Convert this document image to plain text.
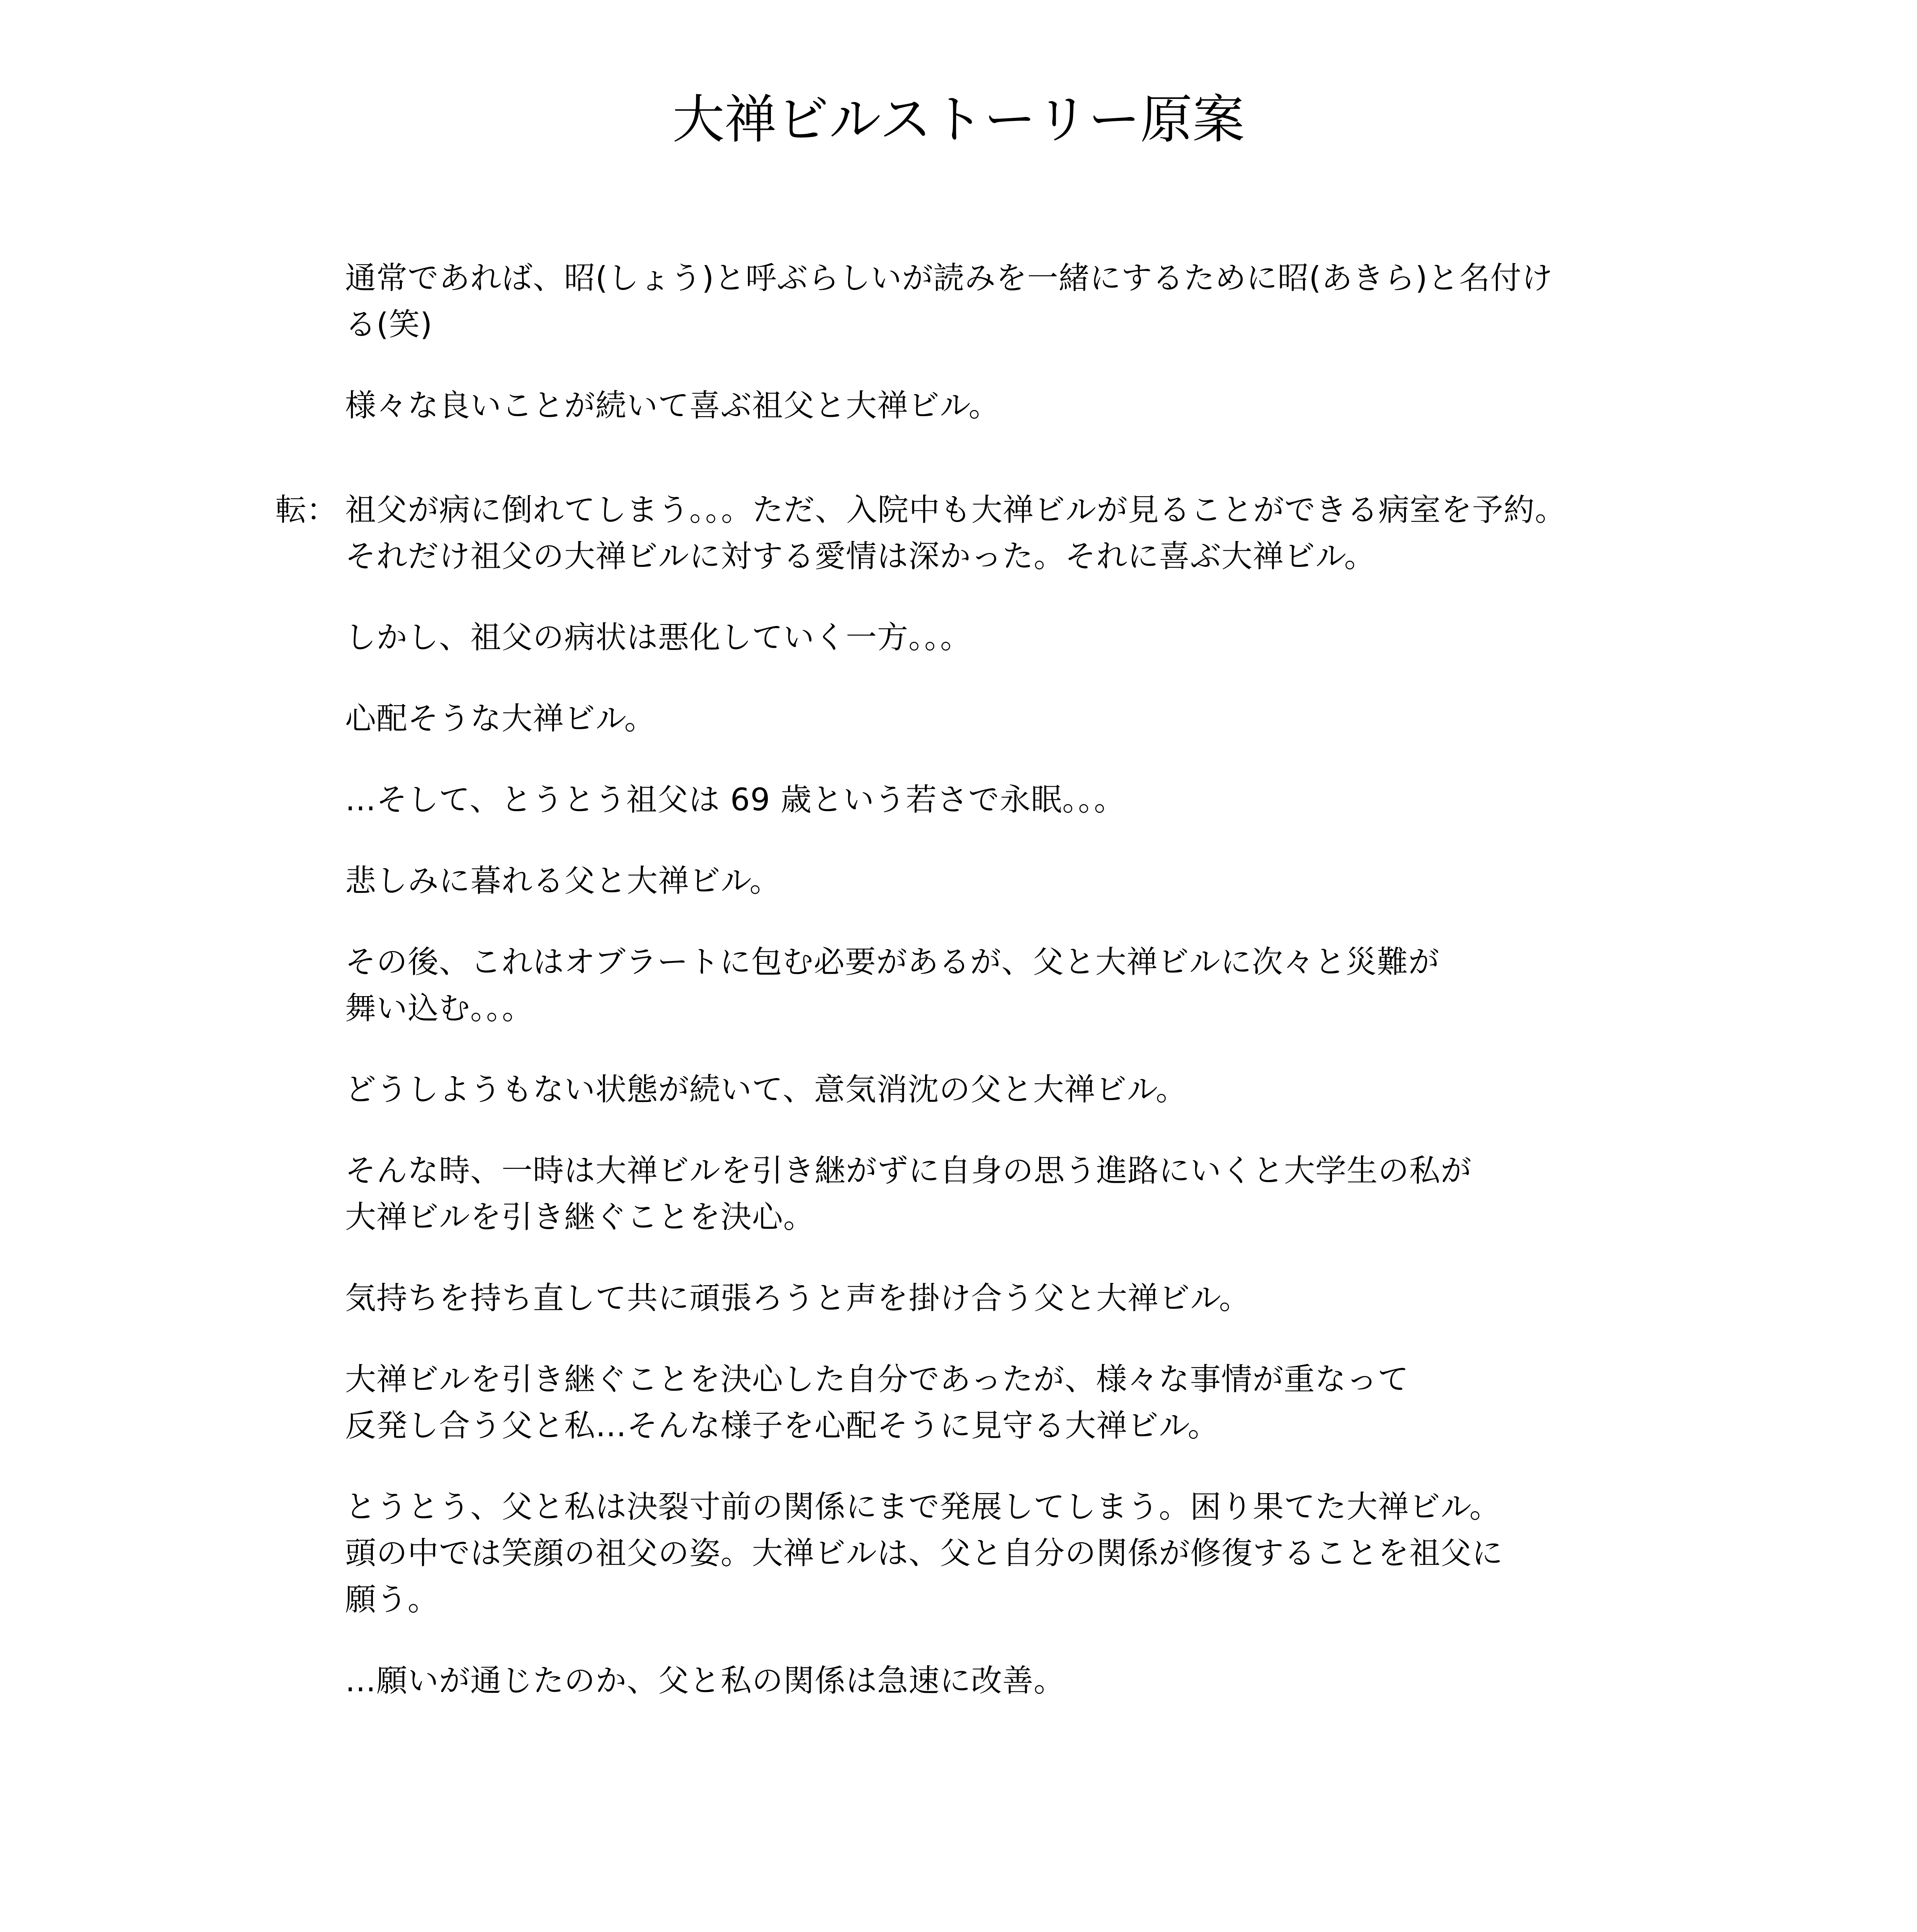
大禅ビルストーリー原案
通常であれば、昭(しょう)と呼ぶらしいが読みを一緒にするために昭(あきら)と名付け
る(笑)
様々な良いことが続いて喜ぶ祖父と大禅ビル。
転： 祖父が病に倒れてしまう。。。ただ、入院中も大禅ビルが見ることができる病室を予約。
それだけ祖父の大禅ビルに対する愛情は深かった。それに喜ぶ大禅ビル。
しかし、祖父の病状は悪化していく一方。。。
心配そうな大禅ビル。
…そして、とうとう祖父は 69 歳という若さで永眠。。。
悲しみに暮れる父と大禅ビル。
その後、これはオブラートに包む必要があるが、父と大禅ビルに次々と災難が
舞い込む。。。
どうしようもない状態が続いて、意気消沈の父と大禅ビル。
そんな時、一時は大禅ビルを引き継がずに自身の思う進路にいくと大学生の私が
大禅ビルを引き継ぐことを決心。
気持ちを持ち直して共に頑張ろうと声を掛け合う父と大禅ビル。
大禅ビルを引き継ぐことを決心した自分であったが、様々な事情が重なって
反発し合う父と私…そんな様子を心配そうに見守る大禅ビル。
とうとう、父と私は決裂寸前の関係にまで発展してしまう。困り果てた大禅ビル。
頭の中では笑顔の祖父の姿。大禅ビルは、父と自分の関係が修復することを祖父に
願う。
…願いが通じたのか、父と私の関係は急速に改善。
